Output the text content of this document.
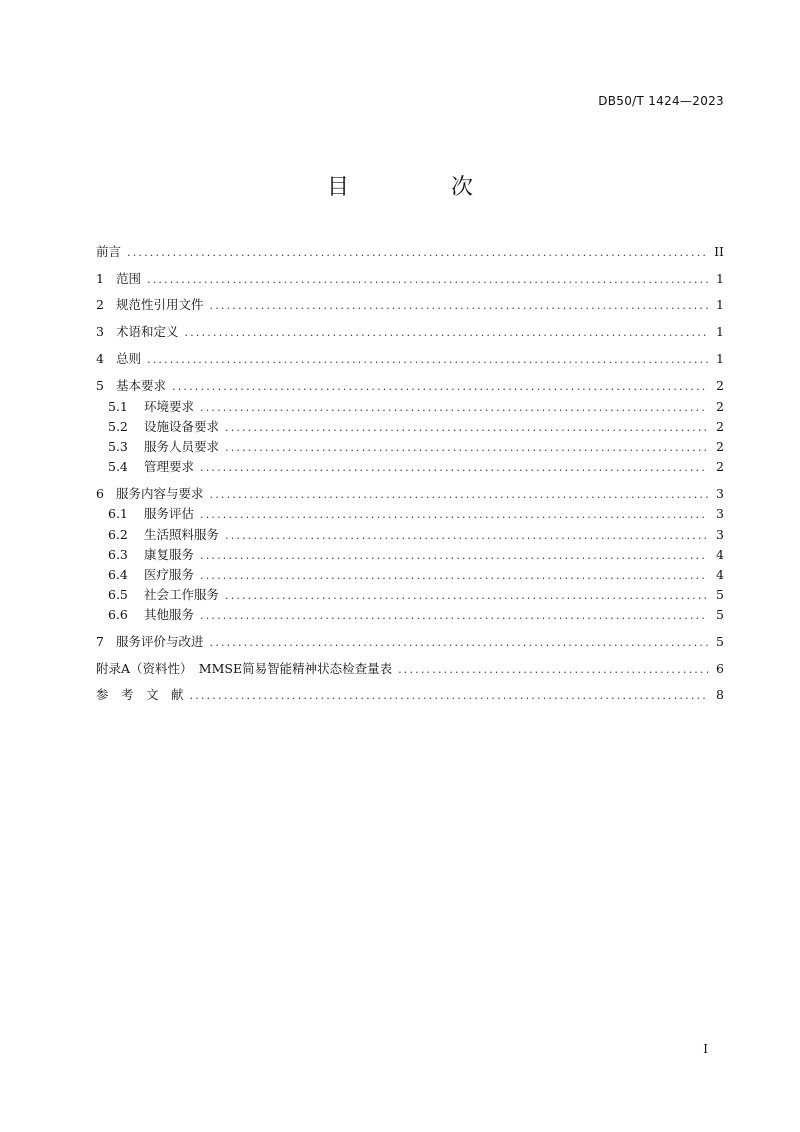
DB50/T 1424—2023
目　次
前言 .....	II
1 范围 .....	1
2 规范性引用文件 .....	1
3 术语和定义 .....	1
4 总则 .....	1
5 基本要求 .....	2
5.1	环境要求 .....	2
5.2	设施设备要求 .....	2
5.3	服务人员要求 .....	2
5.4	管理要求 .....	2
6 服务内容与要求 .....	3
6.1	服务评估 .....	3
6.2	生活照料服务 .....	3
6.3	康复服务 .....	4
6.4	医疗服务 .....	4
6.5	社会工作服务 .....	5
6.6	其他服务 .....	5
7 服务评价与改进 .....	5
附录A（资料性）　MMSE简易智能精神状态检查量表 .....	6
参　考　文　献 .....	8
I
